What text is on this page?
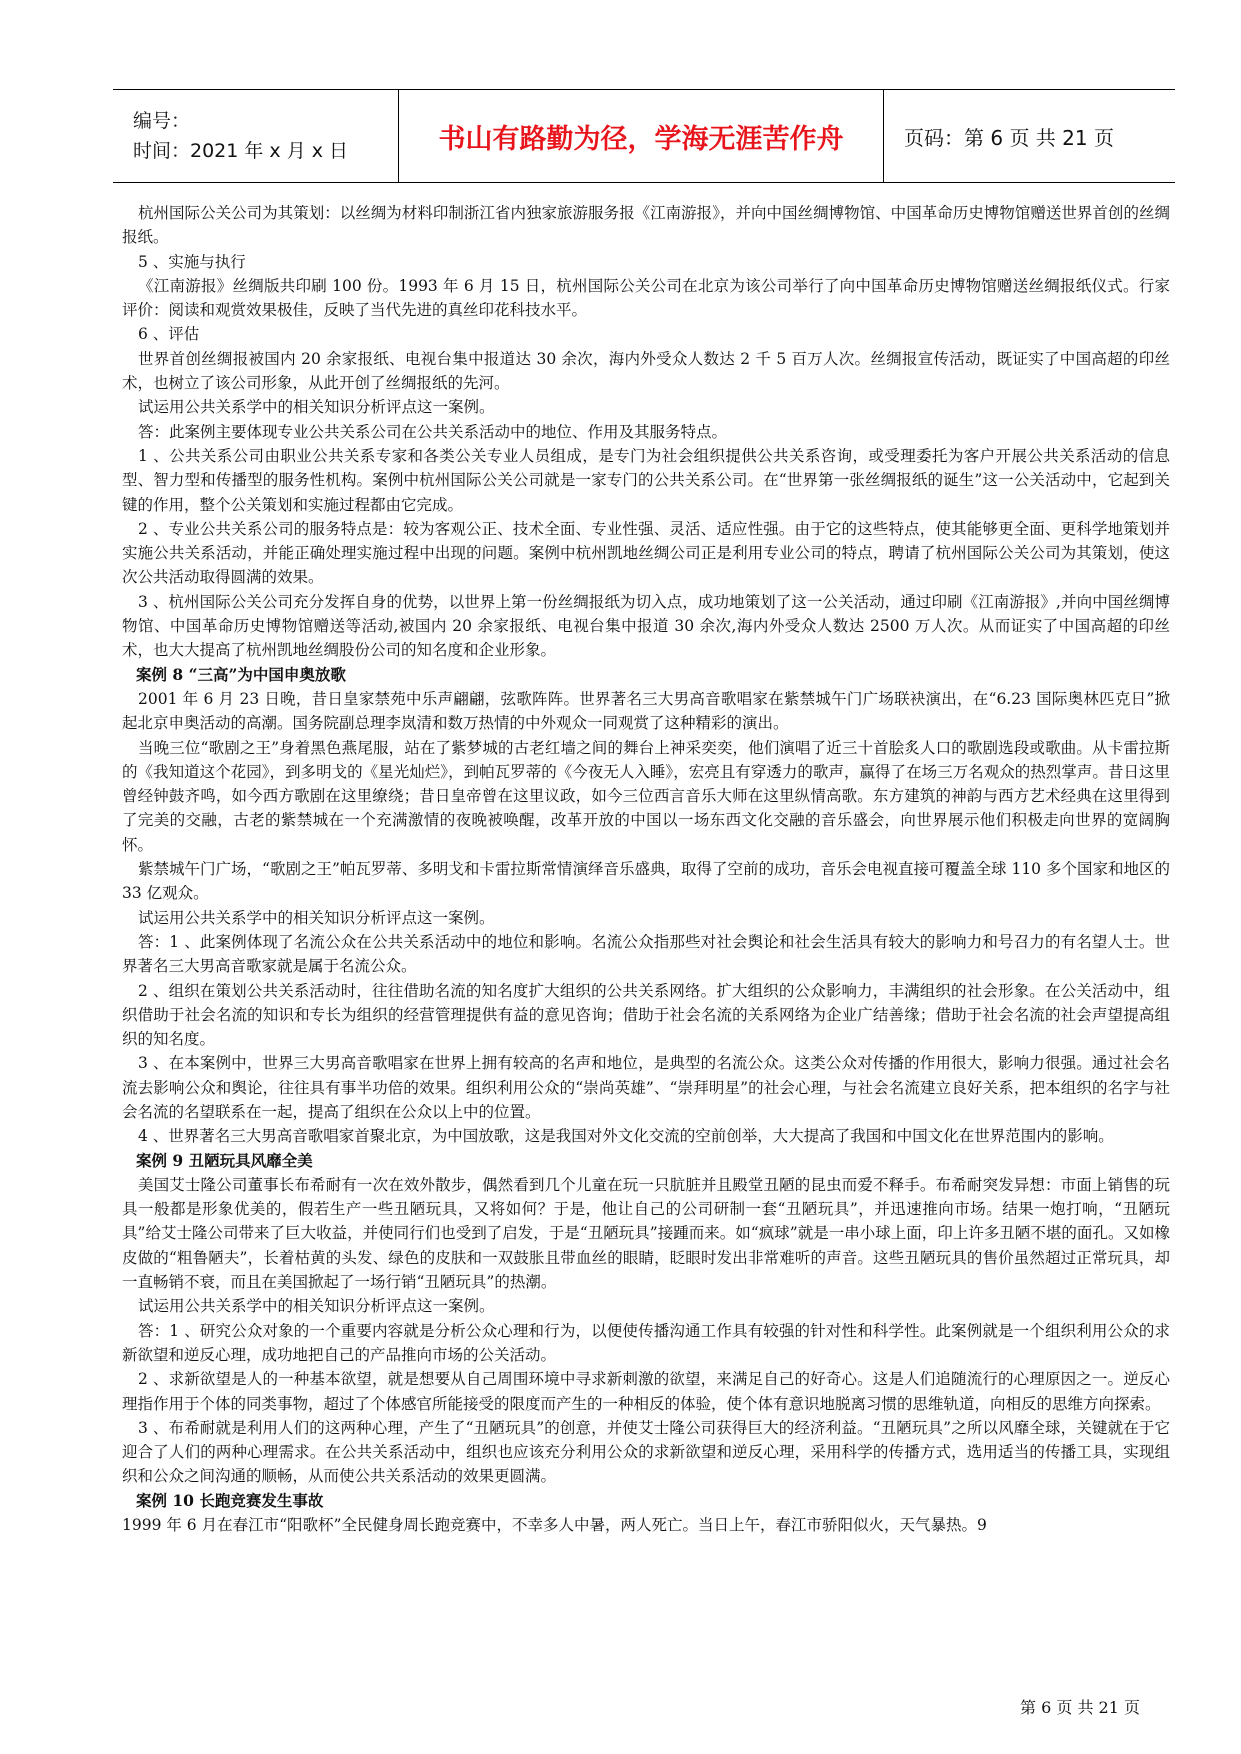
编号：
时间：2021 年 x 月 x 日	书山有路勤为径，学海无涯苦作舟	页码：第 6 页 共 21 页

杭州国际公关公司为其策划：以丝绸为材料印制浙江省内独家旅游服务报《江南游报》，并向中国丝绸博物馆、中国革命历史博物馆赠送世界首创的丝绸报纸。

5 、实施与执行

《江南游报》丝绸版共印刷 100 份。1993 年 6 月 15 日，杭州国际公关公司在北京为该公司举行了向中国革命历史博物馆赠送丝绸报纸仪式。行家评价：阅读和观赏效果极佳，反映了当代先进的真丝印花科技水平。

6 、评估

世界首创丝绸报被国内 20 余家报纸、电视台集中报道达 30 余次，海内外受众人数达 2 千 5 百万人次。丝绸报宣传活动，既证实了中国高超的印丝术，也树立了该公司形象，从此开创了丝绸报纸的先河。

试运用公共关系学中的相关知识分析评点这一案例。

答：此案例主要体现专业公共关系公司在公共关系活动中的地位、作用及其服务特点。

1 、公共关系公司由职业公共关系专家和各类公关专业人员组成，是专门为社会组织提供公共关系咨询，或受理委托为客户开展公共关系活动的信息型、智力型和传播型的服务性机构。案例中杭州国际公关公司就是一家专门的公共关系公司。在“世界第一张丝绸报纸的诞生”这一公关活动中，它起到关键的作用，整个公关策划和实施过程都由它完成。

2 、专业公共关系公司的服务特点是：较为客观公正、技术全面、专业性强、灵活、适应性强。由于它的这些特点，使其能够更全面、更科学地策划并实施公共关系活动，并能正确处理实施过程中出现的问题。案例中杭州凯地丝绸公司正是利用专业公司的特点，聘请了杭州国际公关公司为其策划，使这次公共活动取得圆满的效果。

3 、杭州国际公关公司充分发挥自身的优势，以世界上第一份丝绸报纸为切入点，成功地策划了这一公关活动，通过印刷《江南游报》,并向中国丝绸博物馆、中国革命历史博物馆赠送等活动,被国内 20 余家报纸、电视台集中报道 30 余次,海内外受众人数达 2500 万人次。从而证实了中国高超的印丝术，也大大提高了杭州凯地丝绸股份公司的知名度和企业形象。

案例 8 “三高”为中国申奥放歌

2001 年 6 月 23 日晚，昔日皇家禁苑中乐声翩翩，弦歌阵阵。世界著名三大男高音歌唱家在紫禁城午门广场联袂演出，在“6.23 国际奥林匹克日”掀起北京申奥活动的高潮。国务院副总理李岚清和数万热情的中外观众一同观赏了这种精彩的演出。

当晚三位“歌剧之王”身着黑色燕尾服，站在了紫梦城的古老红墙之间的舞台上神采奕奕，他们演唱了近三十首脍炙人口的歌剧选段或歌曲。从卡雷拉斯的《我知道这个花园》，到多明戈的《星光灿烂》，到帕瓦罗蒂的《今夜无人入睡》，宏亮且有穿透力的歌声，赢得了在场三万名观众的热烈掌声。昔日这里曾经钟鼓齐鸣，如今西方歌剧在这里缭绕；昔日皇帝曾在这里议政，如今三位西言音乐大师在这里纵情高歌。东方建筑的神韵与西方艺术经典在这里得到了完美的交融，古老的紫禁城在一个充满激情的夜晚被唤醒，改革开放的中国以一场东西文化交融的音乐盛会，向世界展示他们积极走向世界的宽阔胸怀。

紫禁城午门广场，“歌剧之王”帕瓦罗蒂、多明戈和卡雷拉斯常情演绎音乐盛典，取得了空前的成功，音乐会电视直接可覆盖全球 110 多个国家和地区的 33 亿观众。

试运用公共关系学中的相关知识分析评点这一案例。

答：1 、此案例体现了名流公众在公共关系活动中的地位和影响。名流公众指那些对社会舆论和社会生活具有较大的影响力和号召力的有名望人士。世界著名三大男高音歌家就是属于名流公众。

2 、组织在策划公共关系活动时，往往借助名流的知名度扩大组织的公共关系网络。扩大组织的公众影响力，丰满组织的社会形象。在公关活动中，组织借助于社会名流的知识和专长为组织的经营管理提供有益的意见咨询；借助于社会名流的关系网络为企业广结善缘；借助于社会名流的社会声望提高组织的知名度。

3 、在本案例中，世界三大男高音歌唱家在世界上拥有较高的名声和地位，是典型的名流公众。这类公众对传播的作用很大，影响力很强。通过社会名流去影响公众和舆论，往往具有事半功倍的效果。组织利用公众的“崇尚英雄”、“崇拜明星”的社会心理，与社会名流建立良好关系，把本组织的名字与社会名流的名望联系在一起，提高了组织在公众以上中的位置。

4 、世界著名三大男高音歌唱家首聚北京，为中国放歌，这是我国对外文化交流的空前创举，大大提高了我国和中国文化在世界范围内的影响。

案例 9 丑陋玩具风靡全美

美国艾士隆公司董事长布希耐有一次在效外散步，偶然看到几个儿童在玩一只肮脏并且殿堂丑陋的昆虫而爱不释手。布希耐突发异想：市面上销售的玩具一般都是形象优美的，假若生产一些丑陋玩具，又将如何？于是，他让自己的公司研制一套“丑陋玩具”，并迅速推向市场。结果一炮打响，“丑陋玩具”给艾士隆公司带来了巨大收益，并使同行们也受到了启发，于是“丑陋玩具”接踵而来。如“疯球”就是一串小球上面，印上许多丑陋不堪的面孔。又如橡皮做的“粗鲁陋夫”，长着枯黄的头发、绿色的皮肤和一双鼓胀且带血丝的眼睛，眨眼时发出非常难听的声音。这些丑陋玩具的售价虽然超过正常玩具，却一直畅销不衰，而且在美国掀起了一场行销“丑陋玩具”的热潮。

试运用公共关系学中的相关知识分析评点这一案例。

答：1 、研究公众对象的一个重要内容就是分析公众心理和行为，以便使传播沟通工作具有较强的针对性和科学性。此案例就是一个组织利用公众的求新欲望和逆反心理，成功地把自己的产品推向市场的公关活动。

2 、求新欲望是人的一种基本欲望，就是想要从自己周围环境中寻求新刺激的欲望，来满足自己的好奇心。这是人们追随流行的心理原因之一。逆反心理指作用于个体的同类事物，超过了个体感官所能接受的限度而产生的一种相反的体验，使个体有意识地脱离习惯的思维轨道，向相反的思维方向探索。

3 、布希耐就是利用人们的这两种心理，产生了“丑陋玩具”的创意，并使艾士隆公司获得巨大的经济利益。“丑陋玩具”之所以风靡全球，关键就在于它迎合了人们的两种心理需求。在公共关系活动中，组织也应该充分利用公众的求新欲望和逆反心理，采用科学的传播方式，选用适当的传播工具，实现组织和公众之间沟通的顺畅，从而使公共关系活动的效果更圆满。

案例 10 长跑竞赛发生事故

1999 年 6 月在春江市“阳歌杯”全民健身周长跑竞赛中，不幸多人中暑，两人死亡。当日上午，春江市骄阳似火，天气暴热。9

第 6 页 共 21 页
